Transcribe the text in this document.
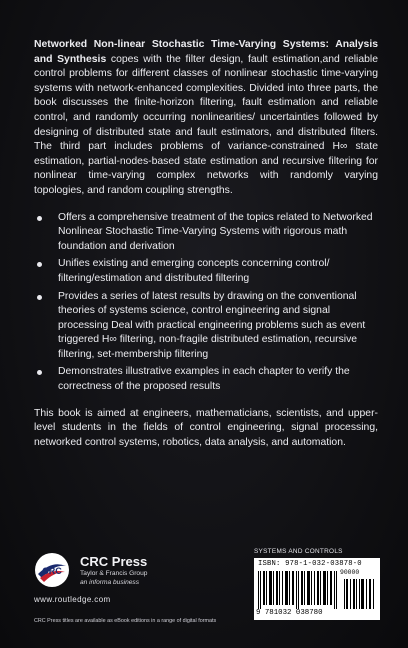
Networked Non-linear Stochastic Time-Varying Systems: Analysis and Synthesis copes with the filter design, fault estimation,and reliable control problems for different classes of nonlinear stochastic time-varying systems with network-enhanced complexities. Divided into three parts, the book discusses the finite-horizon filtering, fault estimation and reliable control, and randomly occurring nonlinearities/ uncertainties followed by designing of distributed state and fault estimators, and distributed filters. The third part includes problems of variance-constrained H∞ state estimation, partial-nodes-based state estimation and recursive filtering for nonlinear time-varying complex networks with randomly varying topologies, and random coupling strengths.

Offers a comprehensive treatment of the topics related to Networked Nonlinear Stochastic Time-Varying Systems with rigorous math foundation and derivation
Unifies existing and emerging concepts concerning control/ filtering/estimation and distributed filtering
Provides a series of latest results by drawing on the conventional theories of systems science, control engineering and signal processing Deal with practical engineering problems such as event triggered H∞ filtering, non-fragile distributed estimation, recursive filtering, set-membership filtering
Demonstrates illustrative examples in each chapter to verify the correctness of the proposed results

This book is aimed at engineers, mathematicians, scientists, and upper-level students in the fields of control engineering, signal processing, networked control systems, robotics, data analysis, and automation.

CRC
CRC Press
Taylor & Francis Group
an informa business
www.routledge.com
CRC Press titles are available as eBook editions in a range of digital formats
SYSTEMS AND CONTROLS
ISBN: 978-1-032-03878-0
90000
9 781032 038780
